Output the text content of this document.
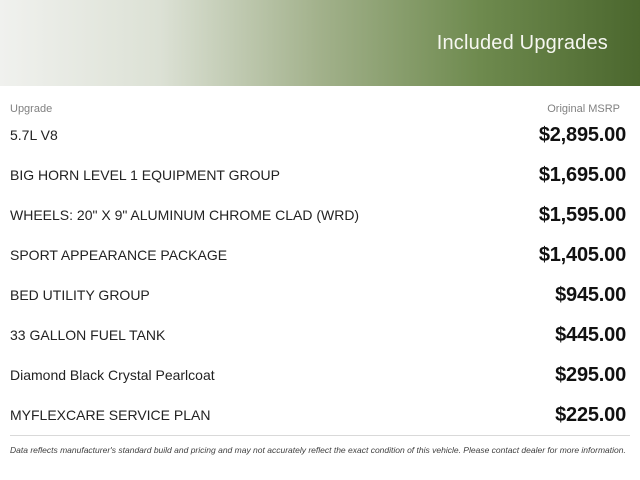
Included Upgrades
Upgrade	Original MSRP
5.7L V8	$2,895.00
BIG HORN LEVEL 1 EQUIPMENT GROUP	$1,695.00
WHEELS: 20" X 9" ALUMINUM CHROME CLAD (WRD)	$1,595.00
SPORT APPEARANCE PACKAGE	$1,405.00
BED UTILITY GROUP	$945.00
33 GALLON FUEL TANK	$445.00
Diamond Black Crystal Pearlcoat	$295.00
MYFLEXCARE SERVICE PLAN	$225.00
Data reflects manufacturer's standard build and pricing and may not accurately reflect the exact condition of this vehicle. Please contact dealer for more information.
